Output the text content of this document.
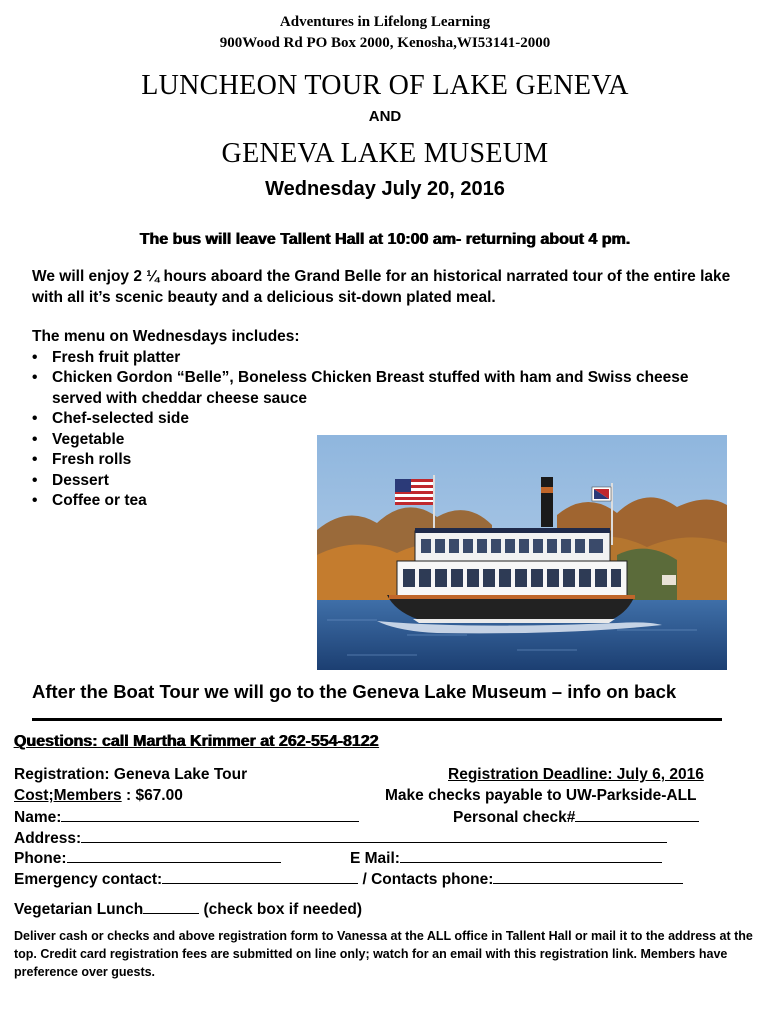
Adventures in Lifelong Learning
900Wood Rd PO Box 2000, Kenosha,WI53141-2000
LUNCHEON TOUR OF LAKE GENEVA
AND
GENEVA LAKE MUSEUM
Wednesday July 20, 2016
The bus will leave Tallent Hall at 10:00 am- returning about 4 pm.
We will enjoy 2 ¼ hours aboard the Grand Belle for an historical narrated tour of the entire lake with all it’s scenic beauty and a delicious sit-down plated meal.
The menu on Wednesdays includes:
• Fresh fruit platter
• Chicken Gordon “Belle”, Boneless Chicken Breast stuffed with ham and Swiss cheese served with cheddar cheese sauce
• Chef-selected side
• Vegetable
• Fresh rolls
• Dessert
• Coffee or tea
After the Boat Tour we will go to the Geneva Lake Museum – info on back
Questions: call Martha Krimmer at 262-554-8122
Registration: Geneva Lake Tour	Registration Deadline: July 6, 2016
Cost;Members : $67.00	Make checks payable to UW-Parkside-ALL
Name:	Personal check#
Address:
Phone:	E Mail:
Emergency contact:	/ Contacts phone:
Vegetarian Lunch	(check box if needed)
Deliver cash or checks and above registration form to Vanessa at the ALL office in Tallent Hall or mail it to the address at the top. Credit card registration fees are submitted on line only; watch for an email with this registration link. Members have preference over guests.
